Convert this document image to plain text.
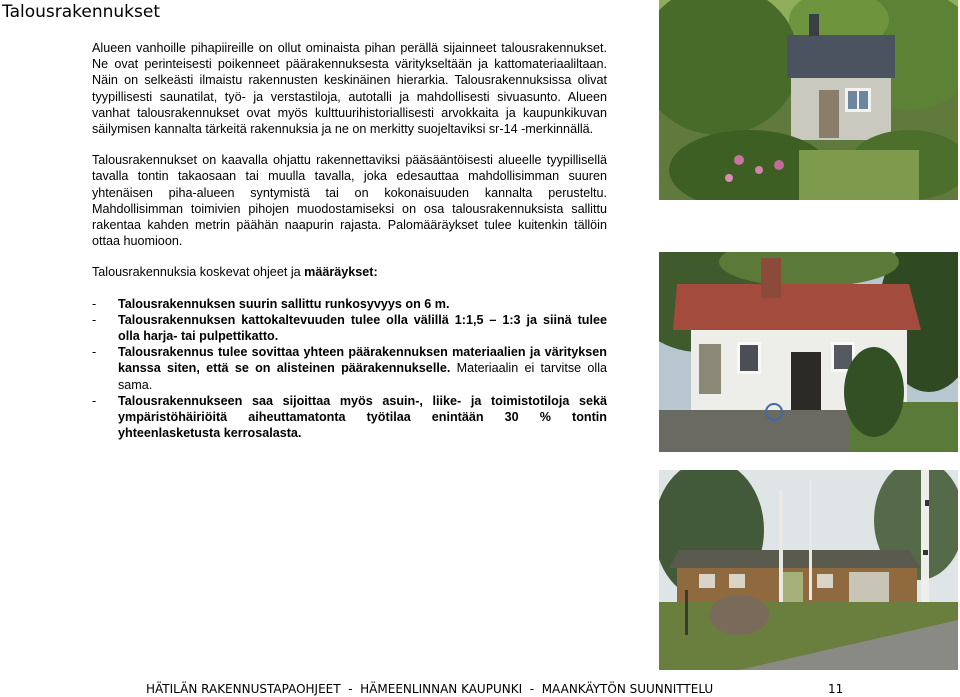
Talousrakennukset

Alueen vanhoille pihapiireille on ollut ominaista pihan perällä sijainneet talousrakennukset. Ne ovat perinteisesti poikenneet päärakennuksesta väritykseltään ja kattomateriaaliltaan. Näin on selkeästi ilmaistu rakennusten keskinäinen hierarkia. Talousrakennuksissa olivat tyypillisesti saunatilat, työ- ja verstastiloja, autotalli ja mahdollisesti sivuasunto. Alueen vanhat talousrakennukset ovat myös kulttuurihistoriallisesti arvokkaita ja kaupunkikuvan säilymisen kannalta tärkeitä rakennuksia ja ne on merkitty suojeltaviksi sr-14 -merkinnällä.

Talousrakennukset on kaavalla ohjattu rakennettaviksi pääsääntöisesti alueelle tyypillisellä tavalla tontin takaosaan tai muulla tavalla, joka edesauttaa mahdollisimman suuren yhtenäisen piha-alueen syntymistä tai on kokonaisuuden kannalta perusteltu. Mahdollisimman toimivien pihojen muodostamiseksi on osa talousrakennuksista sallittu rakentaa kahden metrin päähän naapurin rajasta. Palomääräykset tulee kuitenkin tällöin ottaa huomioon.

Talousrakennuksia koskevat ohjeet ja määräykset:

- Talousrakennuksen suurin sallittu runkosyvyys on 6 m.
- Talousrakennuksen kattokaltevuuden tulee olla välillä 1:1,5 – 1:3 ja siinä tulee olla harja- tai pulpettikatto.
- Talousrakennus tulee sovittaa yhteen päärakennuksen materiaalien ja värityksen kanssa siten, että se on alisteinen päärakennukselle. Materiaalin ei tarvitse olla sama.
- Talousrakennukseen saa sijoittaa myös asuin-, liike- ja toimistotiloja sekä ympäristöhäiriöitä aiheuttamatonta työtilaa enintään 30 % tontin yhteenlasketusta kerrosalasta.
HÄTILÄN RAKENNUSTAPAOHJEET  -  HÄMEENLINNAN KAUPUNKI  -  MAANKÄYTÖN SUUNNITTELU	11
